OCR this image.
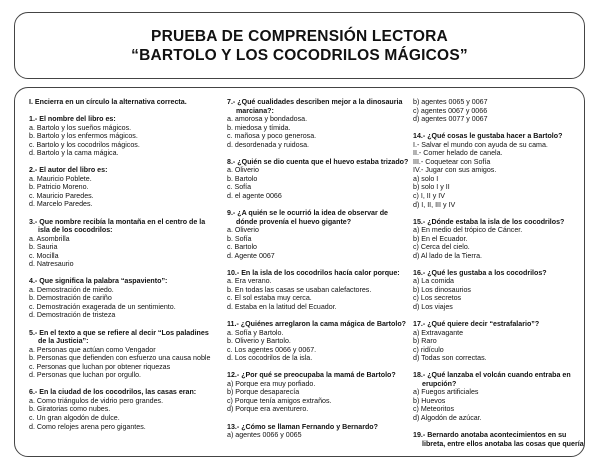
PRUEBA DE COMPRENSIÓN LECTORA
“BARTOLO Y LOS COCODRILOS MÁGICOS”
I. Encierra en un círculo la alternativa correcta.
1.- El nombre del libro es:
a. Bartolo y los sueños mágicos.
b. Bartolo y los enfermos mágicos.
c. Bartolo y los cocodrilos mágicos.
d. Bartolo y la cama mágica.
2.- El autor del libro es:
a. Mauricio Poblete.
b. Patricio Moreno.
c. Mauricio Paredes.
d. Marcelo Paredes.
3.- Que nombre recibía la montaña en el centro de la isla de los cocodrilos:
a. Asombrilla
b. Sauria
c. Mocilla
d. Natresaurio
4.- Que significa la palabra “aspaviento”:
a. Demostración de miedo.
b. Demostración de cariño
c. Demostración exagerada de un sentimiento.
d. Demostración de tristeza
5.- En el texto a que se refiere al decir “Los paladines de la Justicia”:
a. Personas que actúan como Vengador
b. Personas que defienden con esfuerzo una causa noble
c. Personas que luchan por obtener riquezas
d. Personas que luchan por orgullo.
6.- En la ciudad de los cocodrilos, las casas eran:
a. Como triángulos de vidrio pero grandes.
b. Giratorias como nubes.
c. Un gran algodón de dulce.
d. Como relojes arena pero gigantes.
7.- ¿Qué cualidades describen mejor a la dinosauria marciana?:
a. amorosa y bondadosa.
b. miedosa y tímida.
c. mañosa y poco generosa.
d. desordenada y ruidosa.
8.- ¿Quién se dio cuenta que el huevo estaba trizado?
a. Oliverio
b. Bartolo
c. Sofía
d. el agente 0066
9.- ¿A quién se le ocurrió la idea de observar de dónde provenía el huevo gigante?
a. Oliverio
b. Sofía
c. Bartolo
d. Agente 0067
10.- En la isla de los cocodrilos hacía calor porque:
a. Era verano.
b. En todas las casas se usaban calefactores.
c. El sol estaba muy cerca.
d. Estaba en la latitud del Ecuador.
11.- ¿Quiénes arreglaron la cama mágica de Bartolo?
a. Sofía y Bartolo.
b. Oliverio y Bartolo.
c. Los agentes 0066 y 0067.
d. Los cocodrilos de la isla.
12.- ¿Por qué se preocupaba la mamá de Bartolo?
a) Porque era muy porfiado.
b) Porque desaparecía
c) Porque tenía amigos extraños.
d) Porque era aventurero.
13.- ¿Cómo se llaman Fernando y Bernardo?
a) agentes 0066 y 0065
b) agentes 0065 y 0067
c) agentes 0067 y 0066
d) agentes 0077 y 0067
14.- ¿Qué cosas le gustaba hacer a Bartolo?
I.- Salvar el mundo con ayuda de su cama.
II.- Comer helado de canela.
III.- Coquetear con Sofía
IV.- Jugar con sus amigos.
a) solo I
b) solo I y II
c) I, II y IV
d) I, II, III y IV
15.- ¿Dónde estaba la isla de los cocodrilos?
a) En medio del trópico de Cáncer.
b) En el Ecuador.
c) Cerca del cielo.
d) Al lado de la Tierra.
16.- ¿Qué les gustaba a los cocodrilos?
a) La comida
b) Los dinosaurios
c) Los secretos
d) Los viajes
17.- ¿Qué quiere decir “estrafalario”?
a) Extravagante
b) Raro
c) ridículo
d) Todas son correctas.
18.- ¿Qué lanzaba el volcán cuando entraba en erupción?
a) Fuegos artificiales
b) Huevos
c) Meteoritos
d) Algodón de azúcar.
19.- Bernardo anotaba acontecimientos en su libreta, entre ellos anotaba las cosas que quería
